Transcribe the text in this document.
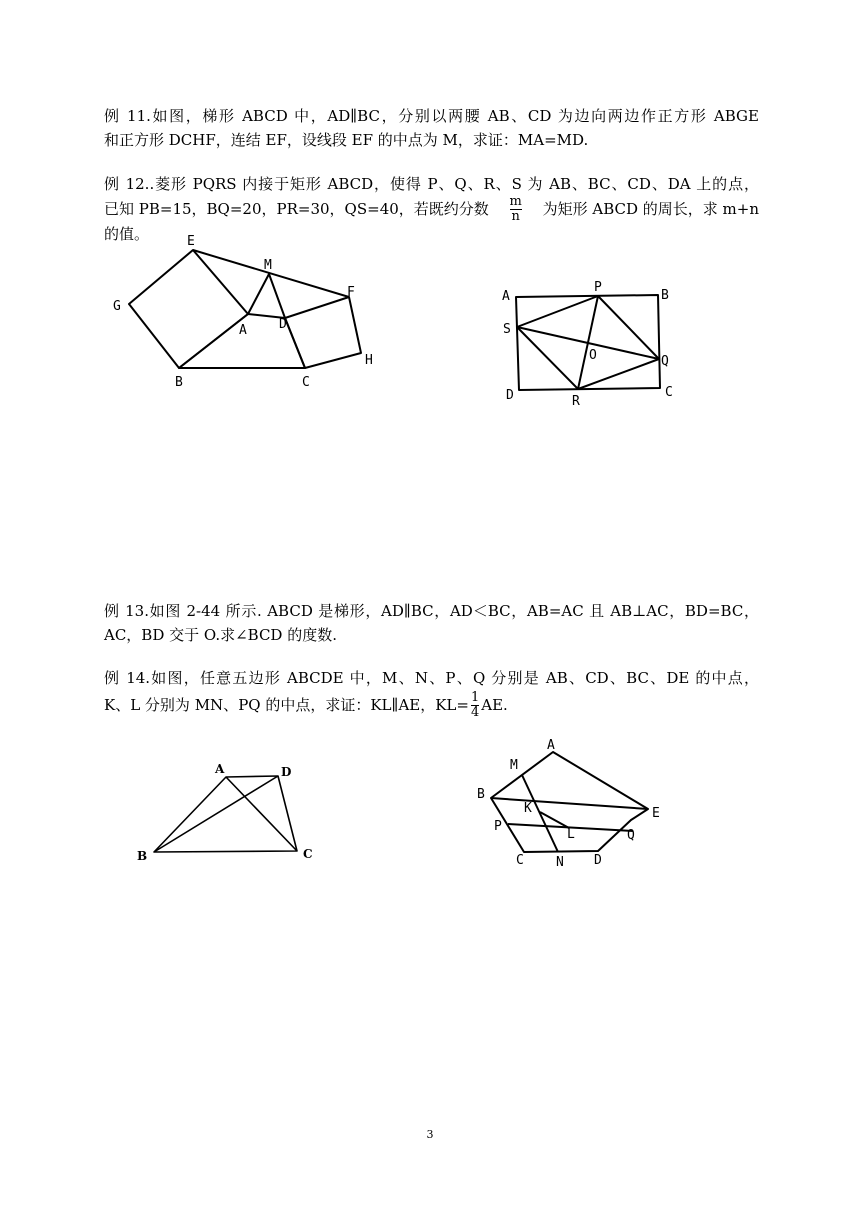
例 11.如图，梯形 ABCD 中，AD∥BC，分别以两腰 AB、CD 为边向两边作正方形 ABGE
和正方形 DCHF，连结 EF，设线段 EF 的中点为 M，求证：MA=MD.
例 12..菱形 PQRS 内接于矩形 ABCD，使得 P、Q、R、S 为 AB、BC、CD、DA 上的点，
已知 PB=15，BQ=20，PR=30，QS=40，若既约分数 $\frac{m}{n}$ 为矩形 ABCD 的周长，求 m+n
的值。	E
M
F
G
A D
H
B	C
A
P
B
S
O	Q
D	R
C
例 13.如图 2-44 所示. ABCD 是梯形，AD∥BC，AD＜BC，AB=AC 且 AB⊥AC，BD=BC，
AC，BD 交于 O.求∠BCD 的度数.
例 14.如图，任意五边形 ABCDE 中，M、N、P、Q 分别是 AB、CD、BC、DE 的中点，
K、L 分别为 MN、PQ 的中点，求证：KL∥AE，$KL= \frac{1}{4}$ AE.
A	D
B	C
A
M
B
K	E
P
L	Q
C N D
3
